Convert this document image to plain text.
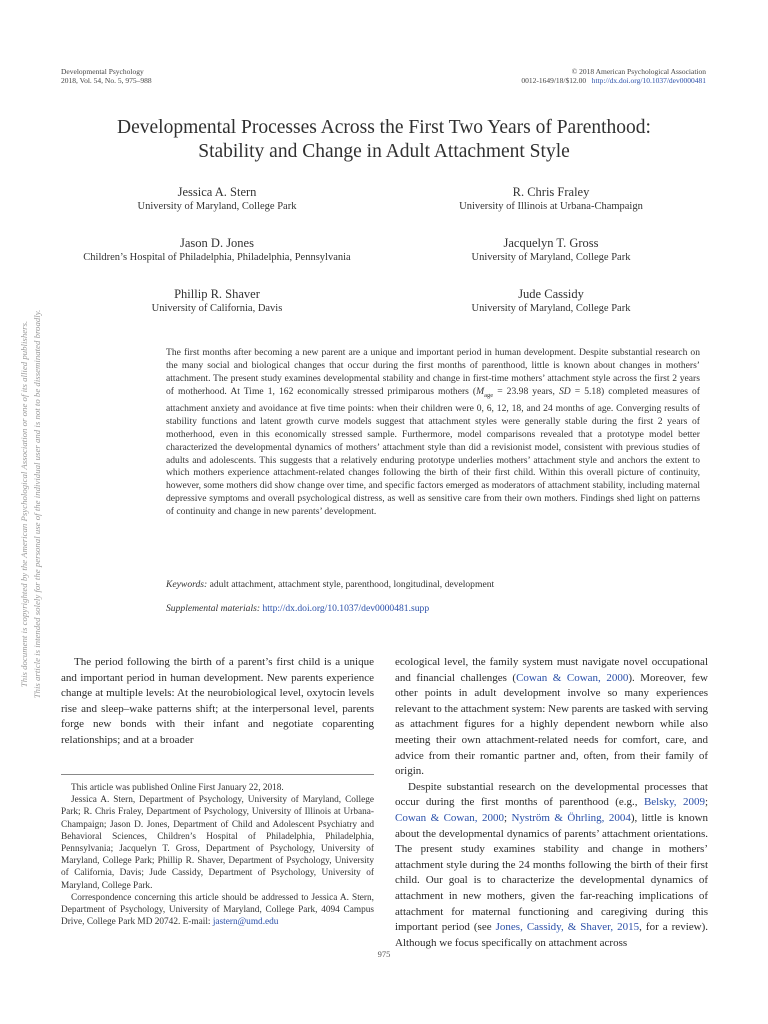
Developmental Psychology
2018, Vol. 54, No. 5, 975–988
© 2018 American Psychological Association
0012-1649/18/$12.00 http://dx.doi.org/10.1037/dev0000481
Developmental Processes Across the First Two Years of Parenthood:
Stability and Change in Adult Attachment Style
Jessica A. Stern
University of Maryland, College Park
R. Chris Fraley
University of Illinois at Urbana-Champaign
Jason D. Jones
Children’s Hospital of Philadelphia, Philadelphia, Pennsylvania
Jacquelyn T. Gross
University of Maryland, College Park
Phillip R. Shaver
University of California, Davis
Jude Cassidy
University of Maryland, College Park
The first months after becoming a new parent are a unique and important period in human development. Despite substantial research on the many social and biological changes that occur during the first months of parenthood, little is known about changes in mothers’ attachment. The present study examines developmental stability and change in first-time mothers’ attachment style across the first 2 years of motherhood. At Time 1, 162 economically stressed primiparous mothers ($M_{age} = 23.98$ years, SD = 5.18) completed measures of attachment anxiety and avoidance at five time points: when their children were 0, 6, 12, 18, and 24 months of age. Converging results of stability functions and latent growth curve models suggest that attachment styles were generally stable during the first 2 years of motherhood, even in this economically stressed sample. Furthermore, model comparisons revealed that a prototype model better characterized the developmental dynamics of mothers’ attachment style than did a revisionist model, consistent with previous studies of adults and adolescents. This suggests that a relatively enduring prototype underlies mothers’ attachment style and anchors the extent to which mothers experience attachment-related changes following the birth of their first child. Within this overall picture of continuity, however, some mothers did show change over time, and specific factors emerged as moderators of attachment stability, including maternal depressive symptoms and overall psychological distress, as well as sensitive care from their own mothers. Findings shed light on patterns of continuity and change in new parents’ development.
Keywords: adult attachment, attachment style, parenthood, longitudinal, development
Supplemental materials: http://dx.doi.org/10.1037/dev0000481.supp

The period following the birth of a parent’s first child is a unique and important period in human development. New parents experience change at multiple levels: At the neurobiological level, oxytocin levels rise and sleep–wake patterns shift; at the interpersonal level, parents forge new bonds with their infant and negotiate coparenting relationships; and at a broader

This article was published Online First January 22, 2018.

Jessica A. Stern, Department of Psychology, University of Maryland, College Park; R. Chris Fraley, Department of Psychology, University of Illinois at Urbana-Champaign; Jason D. Jones, Department of Child and Adolescent Psychiatry and Behavioral Sciences, Children’s Hospital of Philadelphia, Philadelphia, Pennsylvania; Jacquelyn T. Gross, Department of Psychology, University of Maryland, College Park; Phillip R. Shaver, Department of Psychology, University of California, Davis; Jude Cassidy, Department of Psychology, University of Maryland, College Park.

Correspondence concerning this article should be addressed to Jessica A. Stern, Department of Psychology, University of Maryland, College Park, 4094 Campus Drive, College Park MD 20742. E-mail: jastern@umd.edu

ecological level, the family system must navigate novel occupational and financial challenges (Cowan & Cowan, 2000). Moreover, few other points in adult development involve so many experiences relevant to the attachment system: New parents are tasked with serving as attachment figures for a highly dependent newborn while also meeting their own attachment-related needs for comfort, care, and advice from their romantic partner and, often, from their family of origin.

Despite substantial research on the developmental processes that occur during the first months of parenthood (e.g., Belsky, 2009; Cowan & Cowan, 2000; Nyström & Öhrling, 2004), little is known about the developmental dynamics of parents’ attachment orientations. The present study examines stability and change in mothers’ attachment style during the 24 months following the birth of their first child. Our goal is to characterize the developmental dynamics of attachment in new mothers, given the far-reaching implications of attachment for maternal functioning and caregiving during this important period (see Jones, Cassidy, & Shaver, 2015, for a review). Although we focus specifically on attachment across

This document is copyrighted by the American Psychological Association or one of its allied publishers. This article is intended solely for the personal use of the individual user and is not to be disseminated broadly.
975
